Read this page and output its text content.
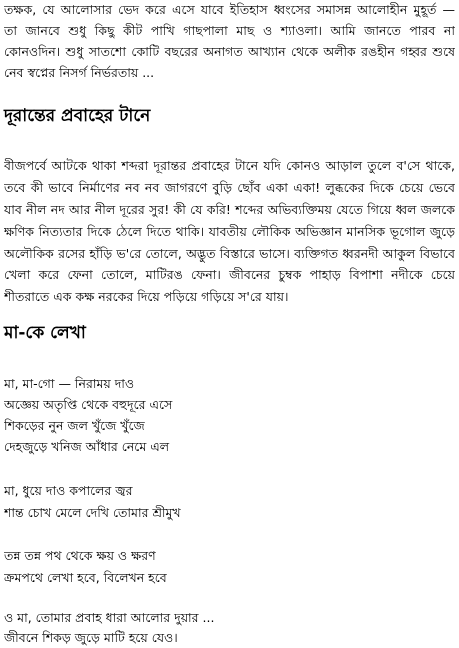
তক্ষক, যে আলোসার ভেদ করে এসে যাবে ইতিহাস ধ্বংসের সমাসন্ন আলোহীন মুহূর্ত —
তা জানবে শুধু কিছু কীট পাখি গাছপালা মাছ ও শ্যাওলা। আমি জানতে পারব না
কোনওদিন। শুধু সাতশো কোটি বছরের অনাগত আখ্যান থেকে অলীক রঙহীন গহ্বর শুষে
নেব স্বপ্নের নিসর্গ নির্ভরতায় ...
দূরান্তের প্রবাহের টানে
বীজপর্বে আটকে থাকা শব্দরা দূরান্তর প্রবাহের টানে যদি কোনও আড়াল তুলে ব'সে থাকে,
তবে কী ভাবে নির্মাণের নব নব জাগরণে বুড়ি ছোঁব একা একা! লুব্ধকের দিকে চেয়ে ভেবে
যাব নীল নদ আর নীল দূরের সুর! কী যে করি! শব্দের অভিব্যক্তিময় যেতে গিয়ে ধ্বল জলকে
ক্ষণিক নিত্যতার দিকে ঠেলে দিতে থাকি। যাবতীয় লৌকিক অভিজ্ঞান মানসিক ভূগোল জুড়ে
অলৌকিক রসের হাঁড়ি ভ'রে তোলে, অদ্ভুত বিস্তারে ভাসে। ব্যক্তিগত ধ্বরনদী আকুল বিভাবে
খেলা করে ফেনা তোলে, মাটিরঙ ফেনা। জীবনের চুম্বক পাহাড় বিপাশা নদীকে চেয়ে
শীতরাতে এক কক্ষ নরকের দিয়ে পড়িয়ে গড়িয়ে স'রে যায়।
মা-কে লেখা
মা, মা-গো — নিরাময় দাও
অজ্ঞেয় অতৃপ্তি থেকে বহুদূরে এসে
শিকড়ের নুন জল খুঁজে খুঁজে
দেহজুড়ে খনিজ আঁধার নেমে এল
মা, ধুয়ে দাও কপালের জ্বর
শান্ত চোখ মেলে দেখি তোমার শ্রীমুখ
তন্ন তন্ন পথ থেকে ক্ষয় ও ক্ষরণ
ক্রমপথে লেখা হবে, বিলেখন হবে
ও মা, তোমার প্রবাহ ধারা আলোর দুয়ার ...
জীবনে শিকড় জুড়ে মাটি হয়ে যেও।
